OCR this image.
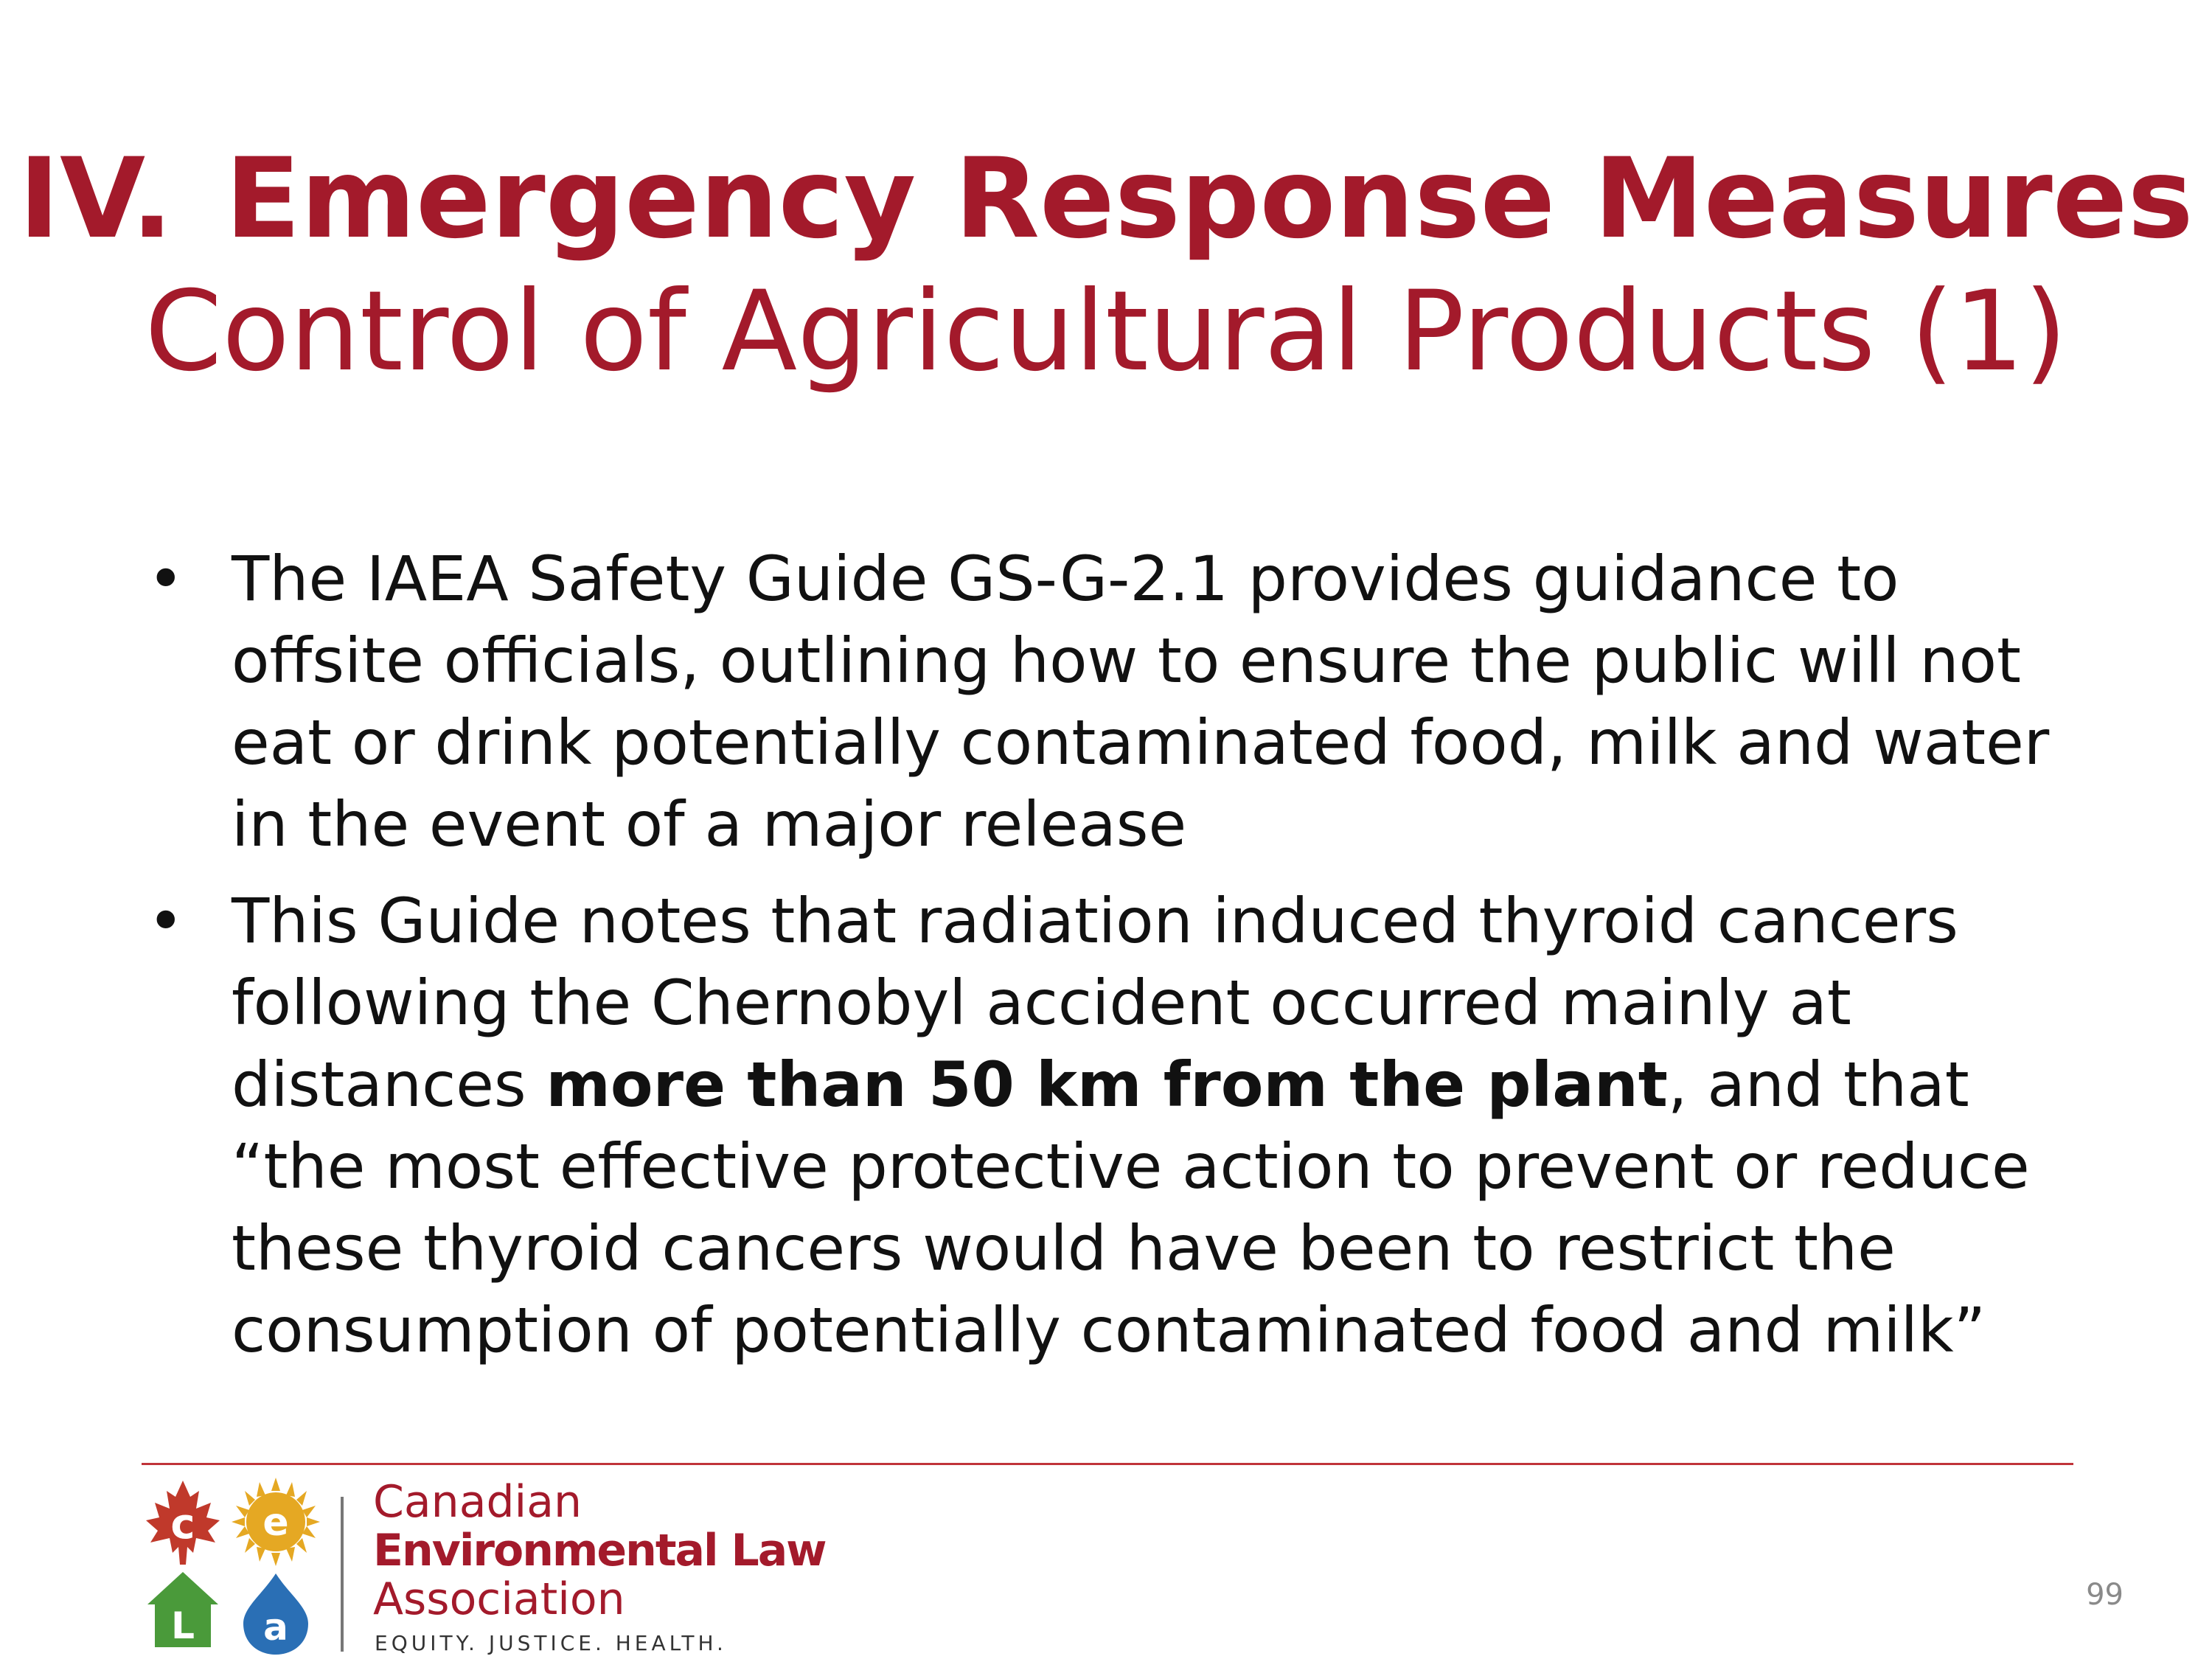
IV. Emergency Response Measures
Control of Agricultural Products (1)
• The IAEA Safety Guide GS-G-2.1 provides guidance to offsite officials, outlining how to ensure the public will not eat or drink potentially contaminated food, milk and water in the event of a major release
• This Guide notes that radiation induced thyroid cancers following the Chernobyl accident occurred mainly at distances more than 50 km from the plant, and that “the most effective protective action to prevent or reduce these thyroid cancers would have been to restrict the consumption of potentially contaminated food and milk”
c e
L a
Canadian
Environmental Law
Association
EQUITY. JUSTICE. HEALTH.
99
